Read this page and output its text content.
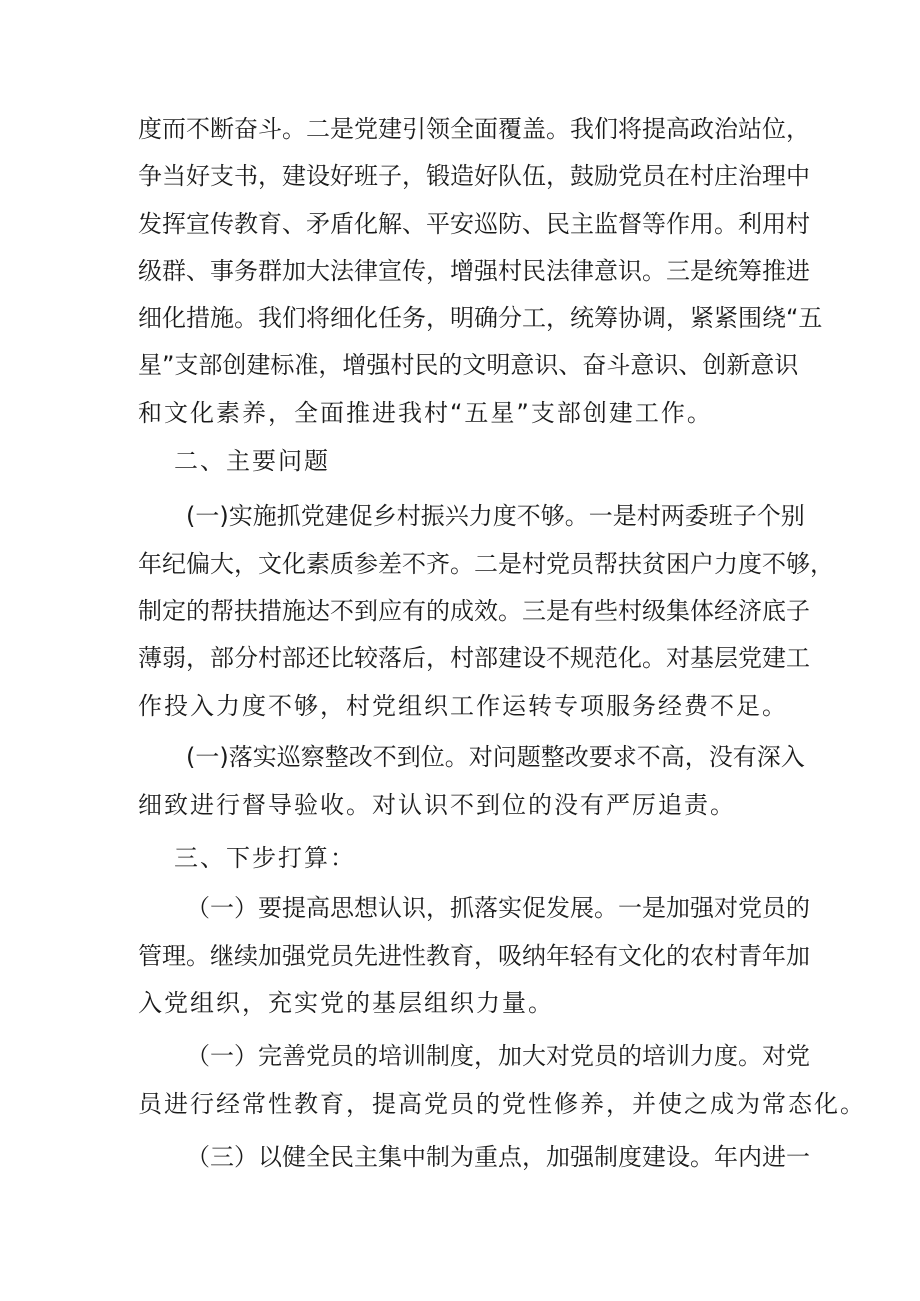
度而不断奋斗。二是党建引领全面覆盖。我们将提高政治站位，
争当好支书，建设好班子，锻造好队伍，鼓励党员在村庄治理中
发挥宣传教育、矛盾化解、平安巡防、民主监督等作用。利用村
级群、事务群加大法律宣传，增强村民法律意识。三是统筹推进
细化措施。我们将细化任务，明确分工，统筹协调，紧紧围绕“五
星”支部创建标准，增强村民的文明意识、奋斗意识、创新意识
和文化素养，全面推进我村“五星”支部创建工作。
二、主要问题
(一)实施抓党建促乡村振兴力度不够。一是村两委班子个别
年纪偏大，文化素质参差不齐。二是村党员帮扶贫困户力度不够，
制定的帮扶措施达不到应有的成效。三是有些村级集体经济底子
薄弱，部分村部还比较落后，村部建设不规范化。对基层党建工
作投入力度不够，村党组织工作运转专项服务经费不足。
(一)落实巡察整改不到位。对问题整改要求不高，没有深入
细致进行督导验收。对认识不到位的没有严厉追责。
三、下步打算：
（一）要提高思想认识，抓落实促发展。一是加强对党员的
管理。继续加强党员先进性教育，吸纳年轻有文化的农村青年加
入党组织，充实党的基层组织力量。
（一）完善党员的培训制度，加大对党员的培训力度。对党
员进行经常性教育，提高党员的党性修养，并使之成为常态化。
（三）以健全民主集中制为重点，加强制度建设。年内进一
